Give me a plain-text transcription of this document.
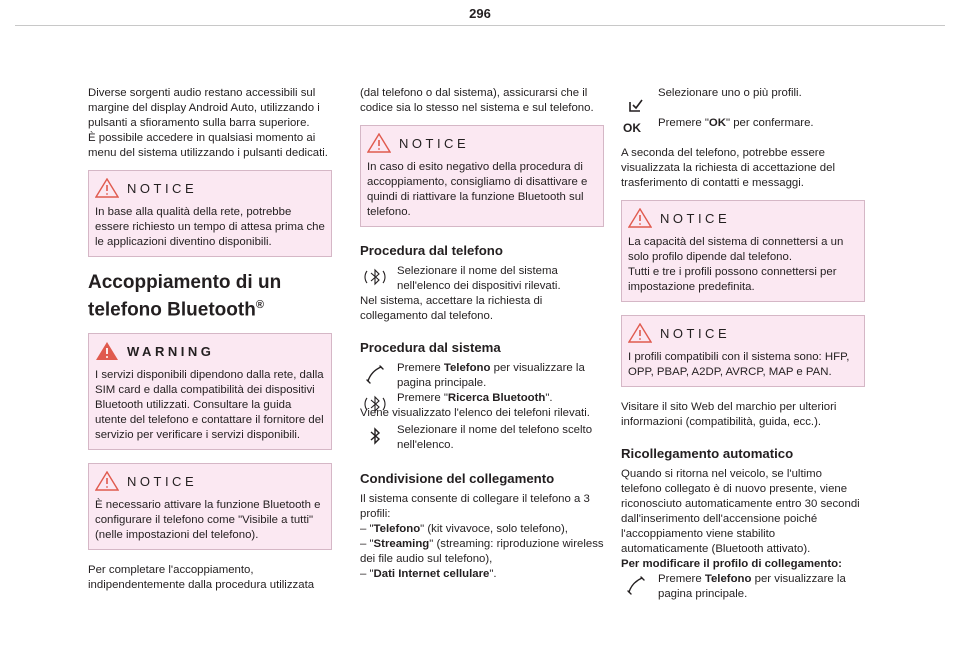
296

Diverse sorgenti audio restano accessibili sul margine del display Android Auto, utilizzando i pulsanti a sfioramento sulla barra superiore.

È possibile accedere in qualsiasi momento ai menu del sistema utilizzando i pulsanti dedicati.

NOTICE
In base alla qualità della rete, potrebbe essere richiesto un tempo di attesa prima che le applicazioni diventino disponibili.
Accoppiamento di un telefono Bluetooth®
WARNING
I servizi disponibili dipendono dalla rete, dalla SIM card e dalla compatibilità dei dispositivi Bluetooth utilizzati. Consultare la guida utente del telefono e contattare il fornitore del servizio per verificare i servizi disponibili.
NOTICE
È necessario attivare la funzione Bluetooth e configurare il telefono come "Visibile a tutti" (nelle impostazioni del telefono).

Per completare l'accoppiamento, indipendentemente dalla procedura utilizzata

(dal telefono o dal sistema), assicurarsi che il codice sia lo stesso nel sistema e sul telefono.

NOTICE
In caso di esito negativo della procedura di accoppiamento, consigliamo di disattivare e quindi di riattivare la funzione Bluetooth sul telefono.
Procedura dal telefono
Selezionare il nome del sistema nell'elenco dei dispositivi rilevati.

Nel sistema, accettare la richiesta di collegamento dal telefono.

Procedura dal sistema
Premere Telefono per visualizzare la pagina principale.
Premere "Ricerca Bluetooth".
Viene visualizzato l'elenco dei telefoni rilevati.
Selezionare il nome del telefono scelto nell'elenco.
Condivisione del collegamento
Il sistema consente di collegare il telefono a 3 profili:
– "Telefono" (kit vivavoce, solo telefono),
– "Streaming" (streaming: riproduzione wireless dei file audio sul telefono),
– "Dati Internet cellulare".
Selezionare uno o più profili.
OK Premere "OK" per confermare.

A seconda del telefono, potrebbe essere visualizzata la richiesta di accettazione del trasferimento di contatti e messaggi.

NOTICE
La capacità del sistema di connettersi a un solo profilo dipende dal telefono.
Tutti e tre i profili possono connettersi per impostazione predefinita.
NOTICE
I profili compatibili con il sistema sono: HFP, OPP, PBAP, A2DP, AVRCP, MAP e PAN.

Visitare il sito Web del marchio per ulteriori informazioni (compatibilità, guida, ecc.).

Ricollegamento automatico

Quando si ritorna nel veicolo, se l'ultimo telefono collegato è di nuovo presente, viene riconosciuto automaticamente entro 30 secondi dall'inserimento dell'accensione poiché l'accoppiamento viene stabilito automaticamente (Bluetooth attivato).
Per modificare il profilo di collegamento:

Premere Telefono per visualizzare la pagina principale.
